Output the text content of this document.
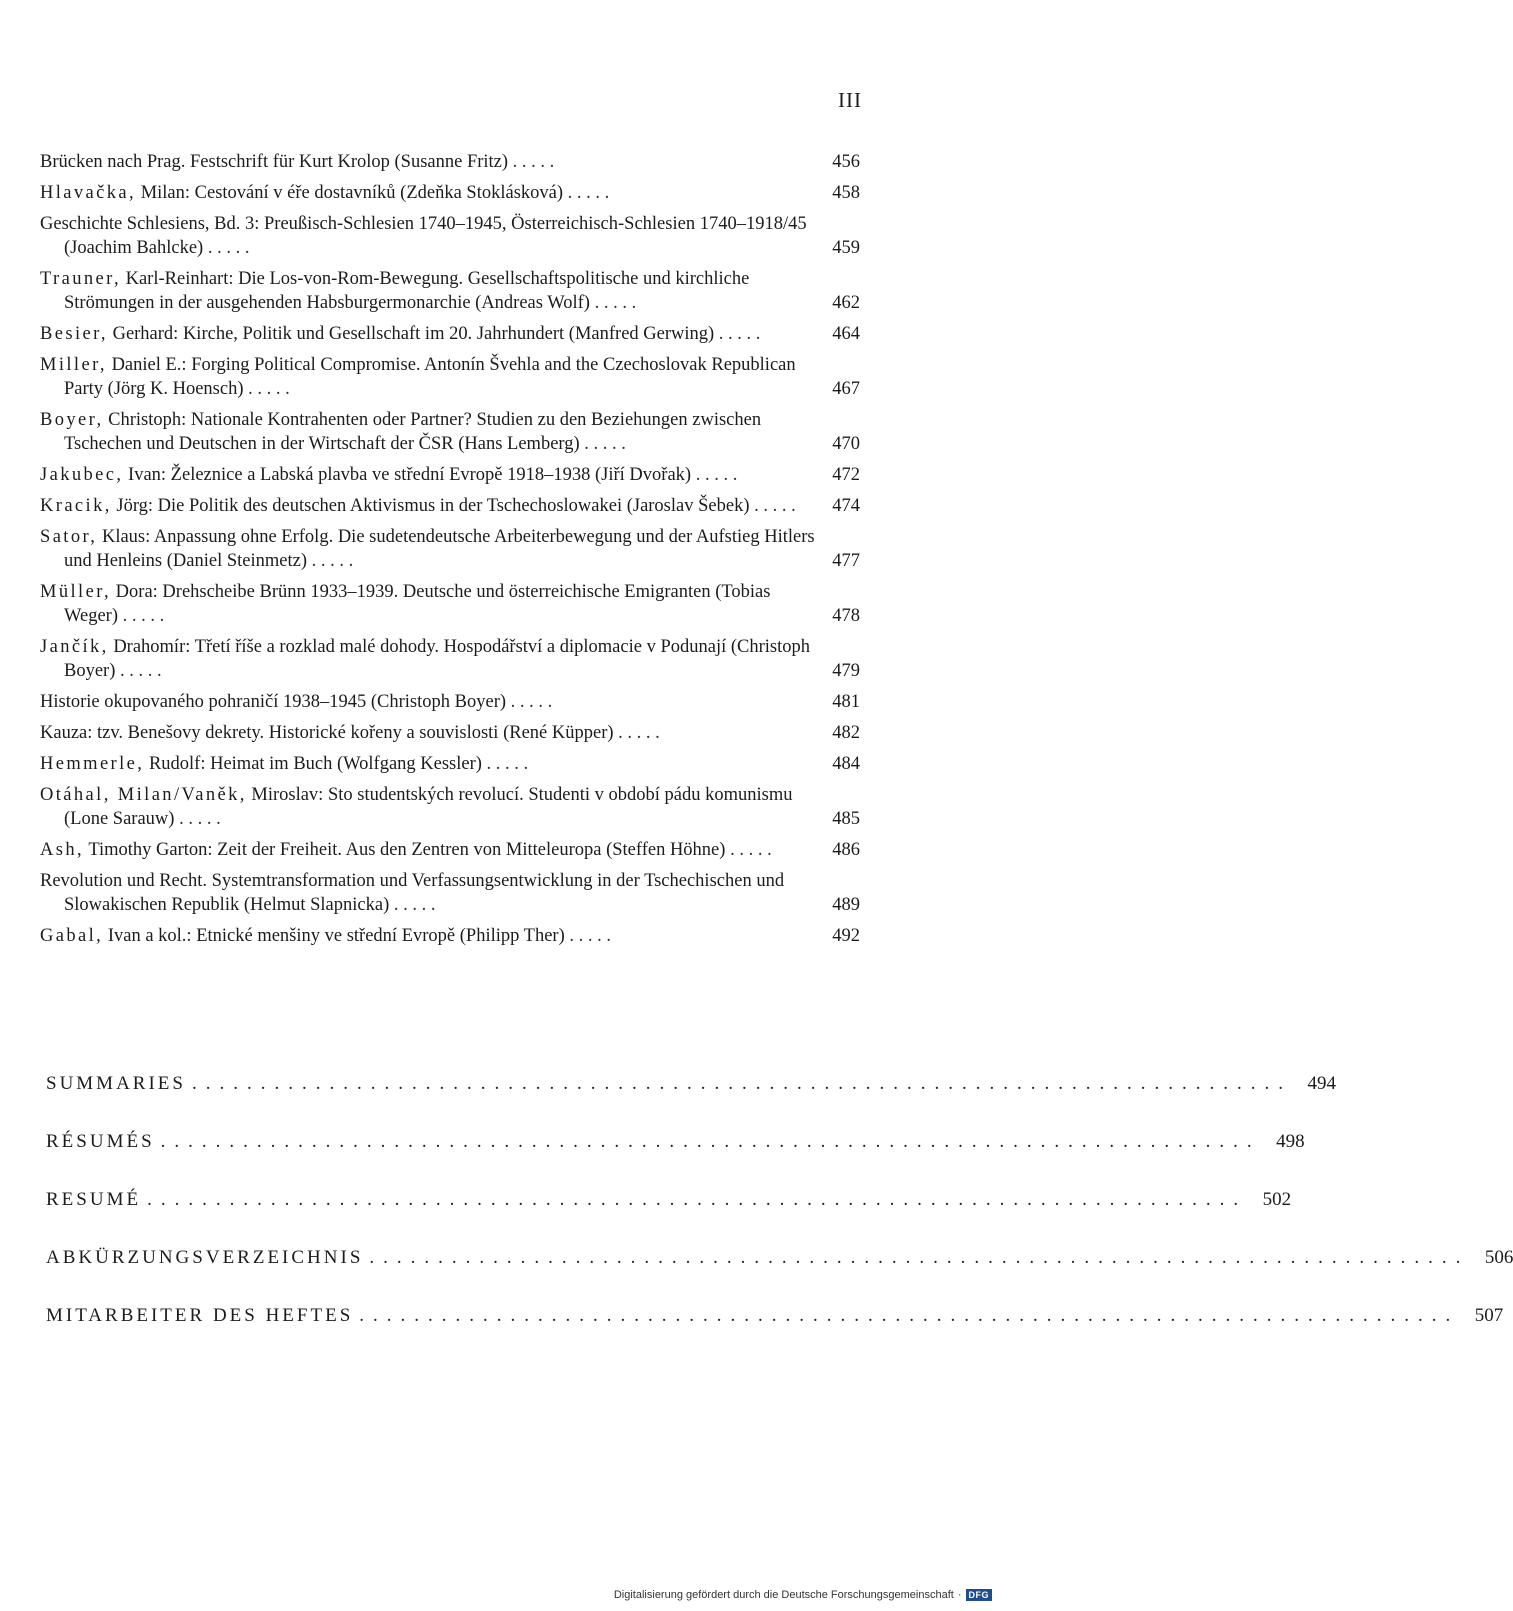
III
Brücken nach Prag. Festschrift für Kurt Krolop (Susanne Fritz) . . . . .	456
Hlavačka, Milan: Cestování v éře dostavníků (Zdeňka Stoklásková) . . . . .	458
Geschichte Schlesiens, Bd. 3: Preußisch-Schlesien 1740–1945, Österreichisch-Schlesien 1740–1918/45 (Joachim Bahlcke) . . . . .	459
Trauner, Karl-Reinhart: Die Los-von-Rom-Bewegung. Gesellschaftspolitische und kirchliche Strömungen in der ausgehenden Habsburgermonarchie (Andreas Wolf) . . . . .	462
Besier, Gerhard: Kirche, Politik und Gesellschaft im 20. Jahrhundert (Manfred Gerwing) . . . . .	464
Miller, Daniel E.: Forging Political Compromise. Antonín Švehla and the Czechoslovak Republican Party (Jörg K. Hoensch) . . . . .	467
Boyer, Christoph: Nationale Kontrahenten oder Partner? Studien zu den Beziehungen zwischen Tschechen und Deutschen in der Wirtschaft der ČSR (Hans Lemberg) . . . . .	470
Jakubec, Ivan: Železnice a Labská plavba ve střední Evropě 1918–1938 (Jiří Dvořak) . . . . .	472
Kracik, Jörg: Die Politik des deutschen Aktivismus in der Tschechoslowakei (Jaroslav Šebek) . . . . .	474
Sator, Klaus: Anpassung ohne Erfolg. Die sudetendeutsche Arbeiterbewegung und der Aufstieg Hitlers und Henleins (Daniel Steinmetz) . . . . .	477
Müller, Dora: Drehscheibe Brünn 1933–1939. Deutsche und österreichische Emigranten (Tobias Weger) . . . . .	478
Jančík, Drahomír: Třetí říše a rozklad malé dohody. Hospodářství a diplomacie v Podunají (Christoph Boyer) . . . . .	479
Historie okupovaného pohraničí 1938–1945 (Christoph Boyer) . . . . .	481
Kauza: tzv. Benešovy dekrety. Historické kořeny a souvislosti (René Küpper) . . . . .	482
Hemmerle, Rudolf: Heimat im Buch (Wolfgang Kessler) . . . . .	484
Otáhal, Milan/Vaněk, Miroslav: Sto studentských revolucí. Studenti v období pádu komunismu (Lone Sarauw) . . . . .	485
Ash, Timothy Garton: Zeit der Freiheit. Aus den Zentren von Mitteleuropa (Steffen Höhne) . . . . .	486
Revolution und Recht. Systemtransformation und Verfassungsentwicklung in der Tschechischen und Slowakischen Republik (Helmut Slapnicka) . . . . .	489
Gabal, Ivan a kol.: Etnické menšiny ve střední Evropě (Philipp Ther) . . . . .	492
SUMMARIES ................................................................................ 494
RÉSUMÉS ................................................................................ 498
RESUMÉ ................................................................................ 502
ABKÜRZUNGSVERZEICHNIS ................................................................................ 506
MITARBEITER DES HEFTES ................................................................................ 507
Digitalisierung gefördert durch die Deutsche Forschungsgemeinschaft · DFG
